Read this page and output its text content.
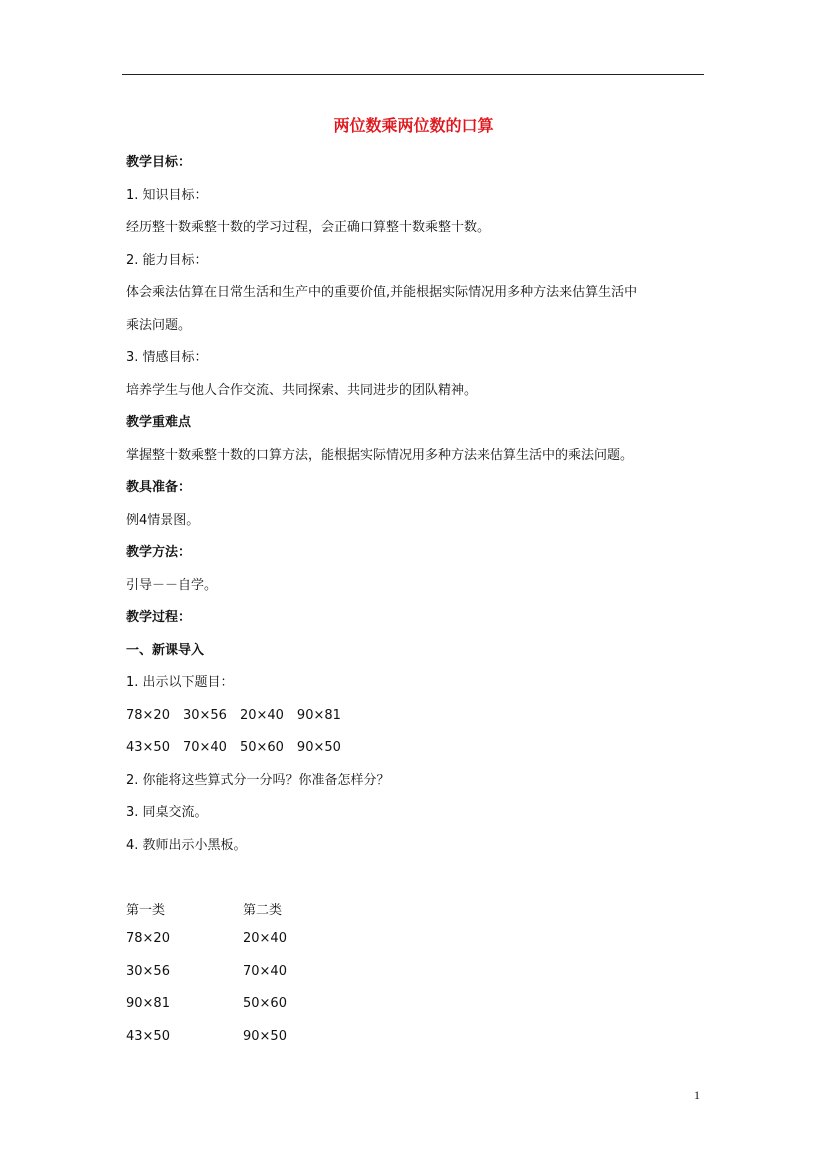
两位数乘两位数的口算
教学目标：
1. 知识目标：
经历整十数乘整十数的学习过程，会正确口算整十数乘整十数。
2. 能力目标：
体会乘法估算在日常生活和生产中的重要价值,并能根据实际情况用多种方法来估算生活中
乘法问题。
3. 情感目标：
培养学生与他人合作交流、共同探索、共同进步的团队精神。
教学重难点
掌握整十数乘整十数的口算方法，能根据实际情况用多种方法来估算生活中的乘法问题。
教具准备：
例4情景图。
教学方法：
引导－－自学。
教学过程：
一、新课导入
1. 出示以下题目：
78×20　30×56　20×40　90×81
43×50　70×40　50×60　90×50
2. 你能将这些算式分一分吗？你准备怎样分？
3. 同桌交流。
4. 教师出示小黑板。
第一类	第二类
78×20	20×40
30×56	70×40
90×81	50×60
43×50	90×50
1
